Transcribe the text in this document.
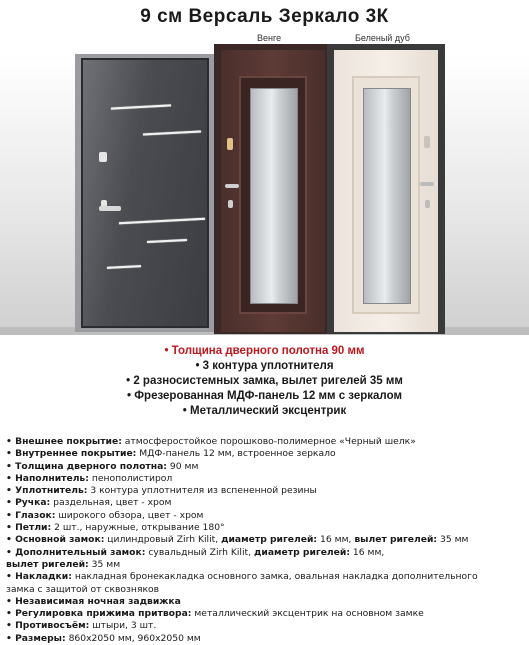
9 см Версаль Зеркало 3К
Венге	Беленый дуб
• Толщина дверного полотна 90 мм
• 3 контура уплотнителя
• 2 разносистемных замка, вылет ригелей 35 мм
• Фрезерованная МДФ-панель 12 мм с зеркалом
• Металлический эксцентрик
• Внешнее покрытие: атмосферостойкое порошково-полимерное «Черный шелк»
• Внутреннее покрытие: МДФ-панель 12 мм, встроенное зеркало
• Толщина дверного полотна: 90 мм
• Наполнитель: пенополистирол
• Уплотнитель: 3 контура уплотнителя из вспененной резины
• Ручка: раздельная, цвет - хром
• Глазок: широкого обзора, цвет - хром
• Петли: 2 шт., наружные, открывание 180°
• Основной замок: цилиндровый Zirh Kilit, диаметр ригелей: 16 мм, вылет ригелей: 35 мм
• Дополнительный замок: сувальдный Zirh Kilit, диаметр ригелей: 16 мм,
вылет ригелей: 35 мм
• Накладки: накладная бронекакладка основного замка, овальная накладка дополнительного
замка с защитой от сквозняков
• Независимая ночная задвижка
• Регулировка прижима притвора: металлический эксцентрик на основном замке
• Противосъём: штыри, 3 шт.
• Размеры: 860x2050 мм, 960x2050 мм
